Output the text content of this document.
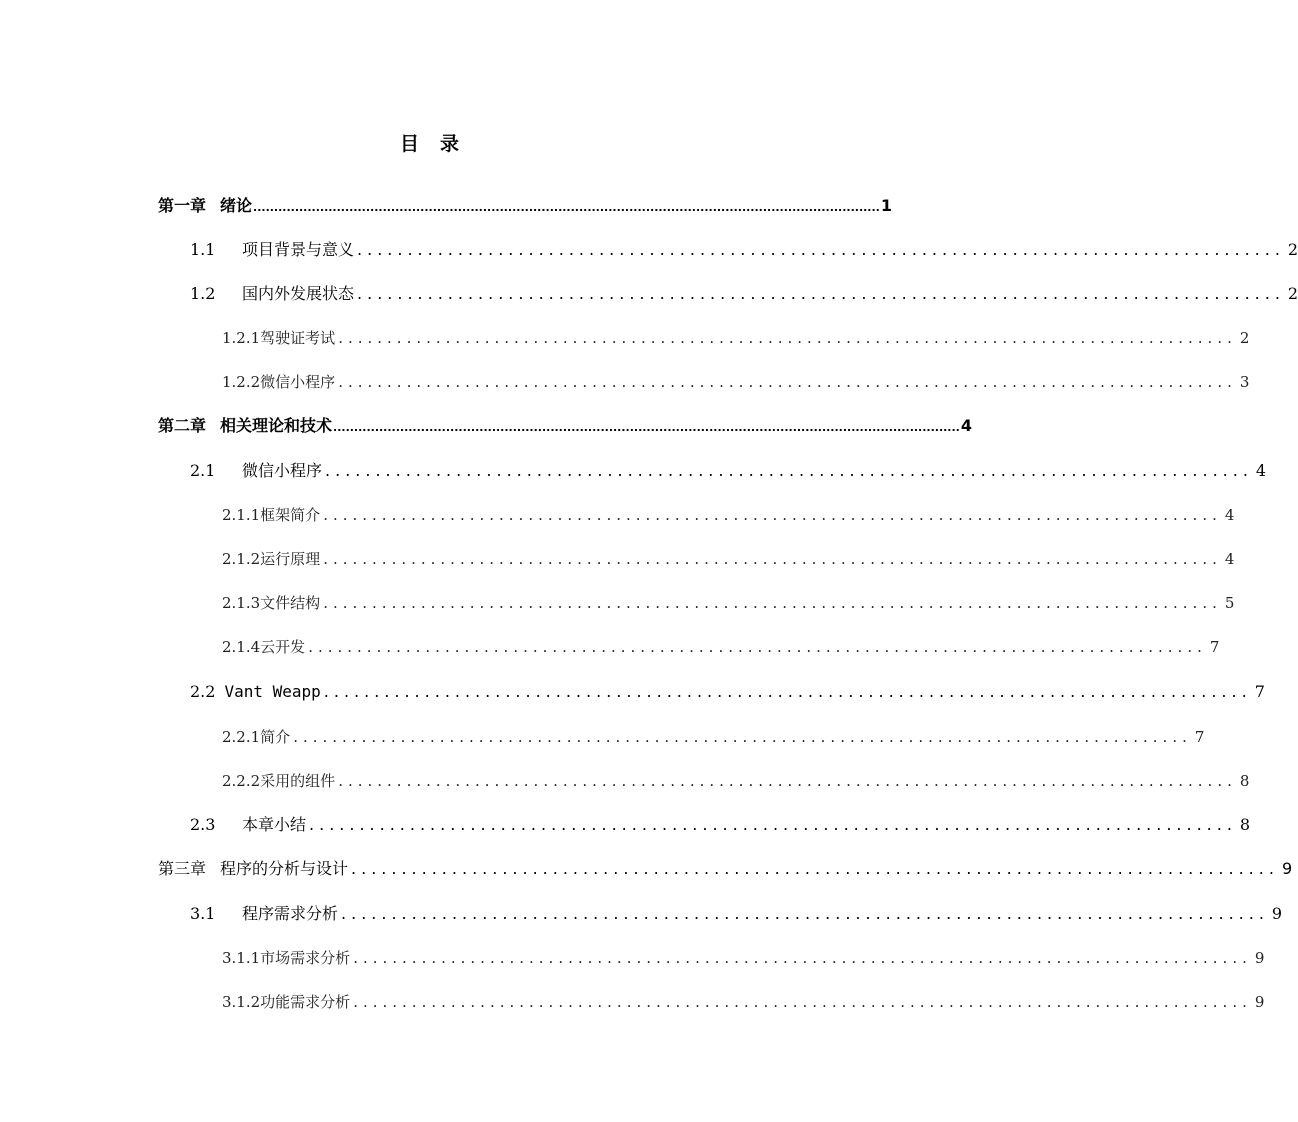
目 录
第一章 绪论 ...................................................................................................................................................... 1
1.1 项目背景与意义 ............................................................................................ 2
1.2 国内外发展状态 ............................................................................................ 2
1.2.1驾驶证考试 ............................................................................................ 2
1.2.2微信小程序 ............................................................................................ 3
第二章 相关理论和技术 ...................................................................................................................................................... 4
2.1 微信小程序 ............................................................................................ 4
2.1.1框架简介 ............................................................................................ 4
2.1.2运行原理 ............................................................................................ 4
2.1.3文件结构 ............................................................................................ 5
2.1.4云开发 ............................................................................................ 7
2.2 Vant Weapp ............................................................................................ 7
2.2.1简介 ............................................................................................ 7
2.2.2采用的组件 ............................................................................................ 8
2.3 本章小结 ............................................................................................ 8
第三章 程序的分析与设计 ............................................................................................ 9
3.1 程序需求分析 ............................................................................................ 9
3.1.1市场需求分析 ............................................................................................ 9
3.1.2功能需求分析 ............................................................................................ 9
